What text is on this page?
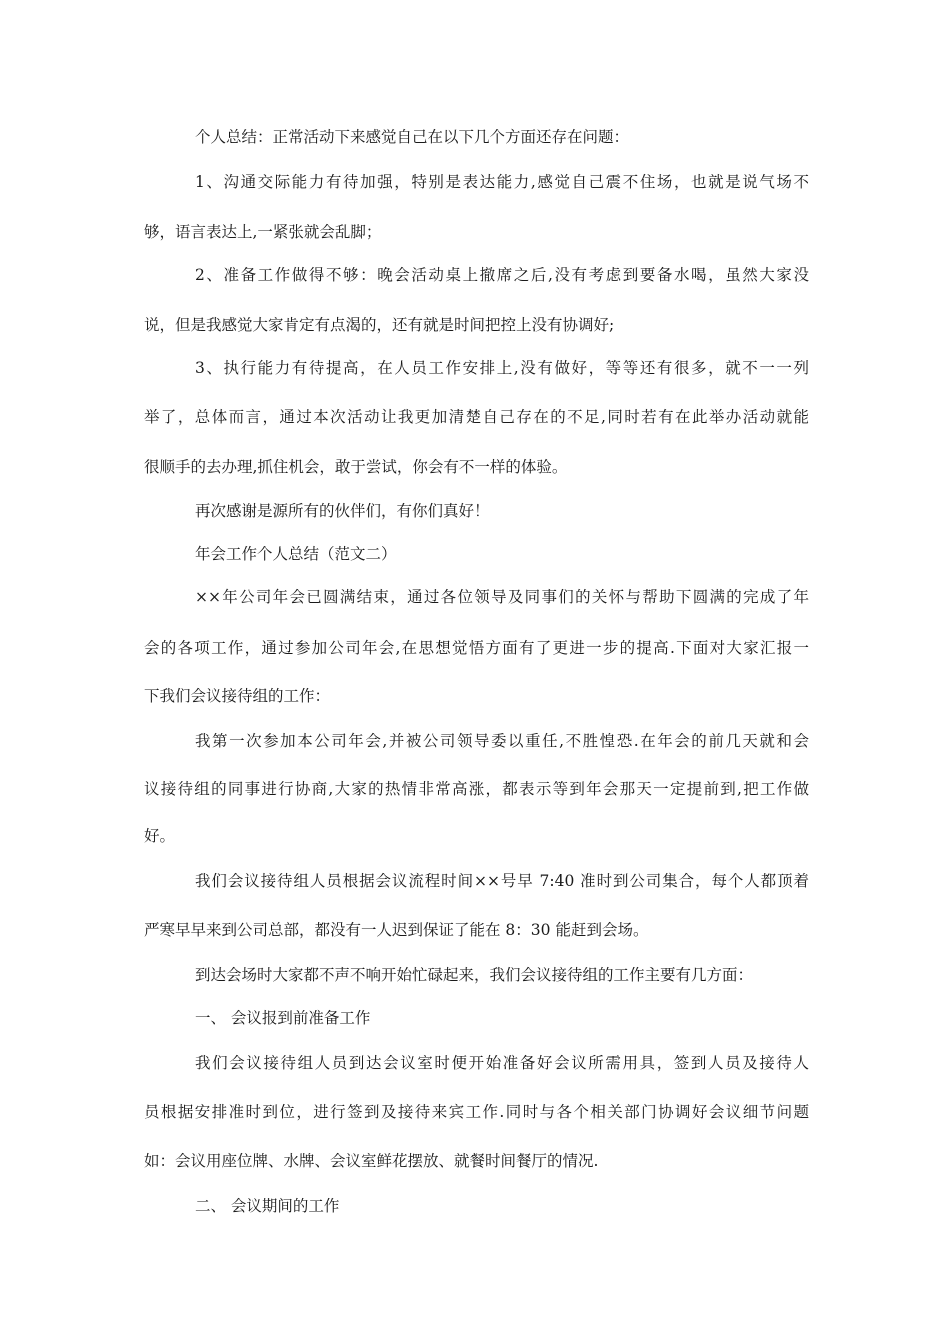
个人总结：正常活动下来感觉自己在以下几个方面还存在问题：
1、沟通交际能力有待加强，特别是表达能力,感觉自己震不住场，也就是说气场不
够，语言表达上,一紧张就会乱脚；
2、准备工作做得不够：晚会活动桌上撤席之后,没有考虑到要备水喝，虽然大家没
说，但是我感觉大家肯定有点渴的，还有就是时间把控上没有协调好;
3、执行能力有待提高，在人员工作安排上,没有做好，等等还有很多，就不一一列
举了，总体而言，通过本次活动让我更加清楚自己存在的不足,同时若有在此举办活动就能
很顺手的去办理,抓住机会，敢于尝试，你会有不一样的体验。
再次感谢是源所有的伙伴们，有你们真好！
年会工作个人总结（范文二）
××年公司年会已圆满结束，通过各位领导及同事们的关怀与帮助下圆满的完成了年
会的各项工作，通过参加公司年会,在思想觉悟方面有了更进一步的提高.下面对大家汇报一
下我们会议接待组的工作：
我第一次参加本公司年会,并被公司领导委以重任,不胜惶恐.在年会的前几天就和会
议接待组的同事进行协商,大家的热情非常高涨，都表示等到年会那天一定提前到,把工作做
好。
我们会议接待组人员根据会议流程时间××号早 7:40 准时到公司集合，每个人都顶着
严寒早早来到公司总部，都没有一人迟到保证了能在 8：30 能赶到会场。
到达会场时大家都不声不响开始忙碌起来，我们会议接待组的工作主要有几方面：
一、 会议报到前准备工作
我们会议接待组人员到达会议室时便开始准备好会议所需用具，签到人员及接待人
员根据安排准时到位，进行签到及接待来宾工作.同时与各个相关部门协调好会议细节问题
如：会议用座位牌、水牌、会议室鲜花摆放、就餐时间餐厅的情况.
二、 会议期间的工作
